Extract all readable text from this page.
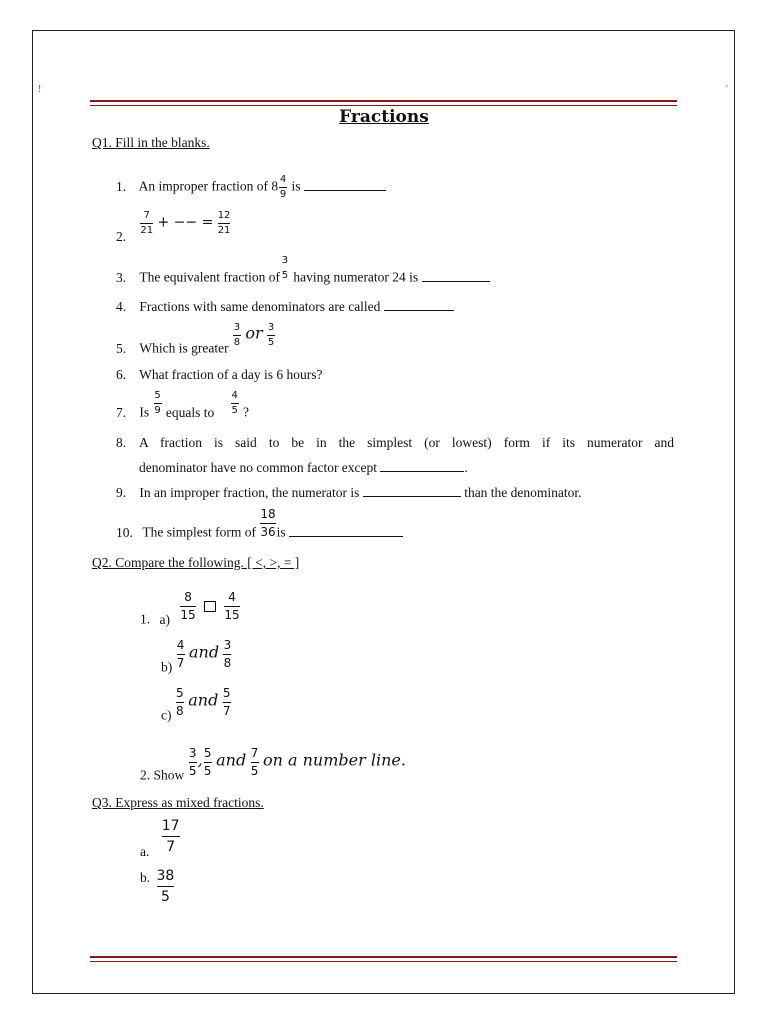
!	'
Fractions
Q1. Fill in the blanks.
1. An improper fraction of $8 \frac{4}{9}$ is
2. $\frac{7}{21}$ + −− = $\frac{12}{21}$
3. The equivalent fraction of
3
5 having numerator 24 is
4. Fractions with same denominators are called
5. Which is greater $\frac{3}{8}$ or $\frac{3}{5}$
6. What fraction of a day is 6 hours?
7. Is $\frac{5}{9}$ equals to $\frac{4}{5}$ ?
8. A fraction is said to be in the simplest (or lowest) form if its numerator and
denominator have no common factor except	.
9. In an improper fraction, the numerator is	than the denominator.
10. The simplest form of $\frac{18}{36}$ is
Q2. Compare the following. [ <, >, = ]
1. $a) \frac{8}{15}$
$\frac{4}{15}$
$b) \frac{4}{7}$ and $\frac{3}{8}$
$c) \frac{5}{8}$ and $\frac{5}{7}$
2. Show $\frac{3}{5}$ , $\frac{5}{5}$ and $\frac{7}{5}$ on a number line.
Q3. Express as mixed fractions.
a. $\frac{17}{7}$
b. $\frac{38}{5}$
